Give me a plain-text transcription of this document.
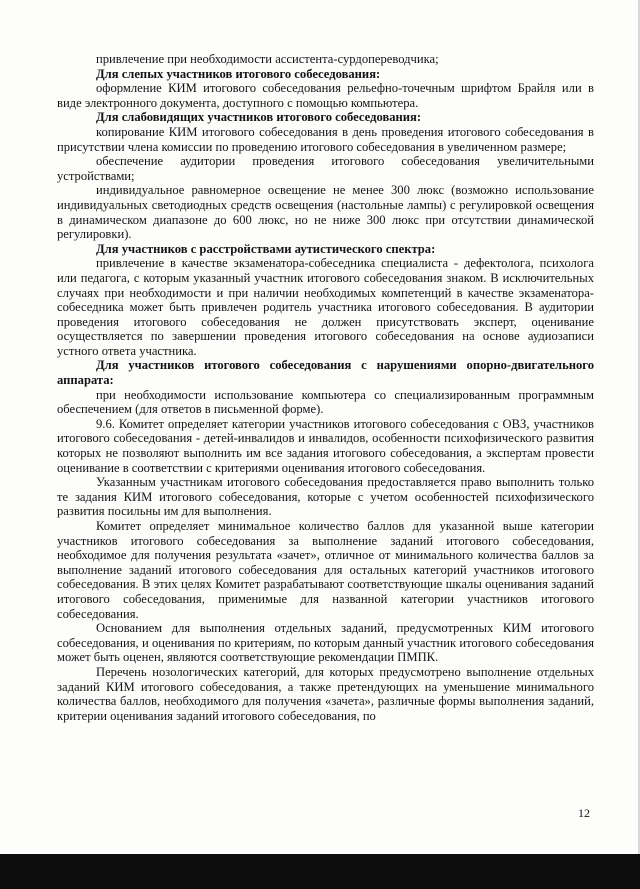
привлечение при необходимости ассистента-сурдопереводчика;

Для слепых участников итогового собеседования:

оформление КИМ итогового собеседования рельефно-точечным шрифтом Брайля или в виде электронного документа, доступного с помощью компьютера.

Для слабовидящих участников итогового собеседования:

копирование КИМ итогового собеседования в день проведения итогового собеседования в присутствии члена комиссии по проведению итогового собеседования в увеличенном размере;

обеспечение аудитории проведения итогового собеседования увеличительными устройствами;

индивидуальное равномерное освещение не менее 300 люкс (возможно использование индивидуальных светодиодных средств освещения (настольные лампы) с регулировкой освещения в динамическом диапазоне до 600 люкс, но не ниже 300 люкс при отсутствии динамической регулировки).

Для участников с расстройствами аутистического спектра:

привлечение в качестве экзаменатора-собеседника специалиста - дефектолога, психолога или педагога, с которым указанный участник итогового собеседования знаком. В исключительных случаях при необходимости и при наличии необходимых компетенций в качестве экзаменатора-собеседника может быть привлечен родитель участника итогового собеседования. В аудитории проведения итогового собеседования не должен присутствовать эксперт, оценивание осуществляется по завершении проведения итогового собеседования на основе аудиозаписи устного ответа участника.

Для участников итогового собеседования с нарушениями опорно-двигательного аппарата:

при необходимости использование компьютера со специализированным программным обеспечением (для ответов в письменной форме).

9.6. Комитет определяет категории участников итогового собеседования с ОВЗ, участников итогового собеседования - детей-инвалидов и инвалидов, особенности психофизического развития которых не позволяют выполнить им все задания итогового собеседования, а экспертам провести оценивание в соответствии с критериями оценивания итогового собеседования.

Указанным участникам итогового собеседования предоставляется право выполнить только те задания КИМ итогового собеседования, которые с учетом особенностей психофизического развития посильны им для выполнения.

Комитет определяет минимальное количество баллов для указанной выше категории участников итогового собеседования за выполнение заданий итогового собеседования, необходимое для получения результата «зачет», отличное от минимального количества баллов за выполнение заданий итогового собеседования для остальных категорий участников итогового собеседования. В этих целях Комитет разрабатывают соответствующие шкалы оценивания заданий итогового собеседования, применимые для названной категории участников итогового собеседования.

Основанием для выполнения отдельных заданий, предусмотренных КИМ итогового собеседования, и оценивания по критериям, по которым данный участник итогового собеседования может быть оценен, являются соответствующие рекомендации ПМПК.

Перечень нозологических категорий, для которых предусмотрено выполнение отдельных заданий КИМ итогового собеседования, а также претендующих на уменьшение минимального количества баллов, необходимого для получения «зачета», различные формы выполнения заданий, критерии оценивания заданий итогового собеседования, по

12
